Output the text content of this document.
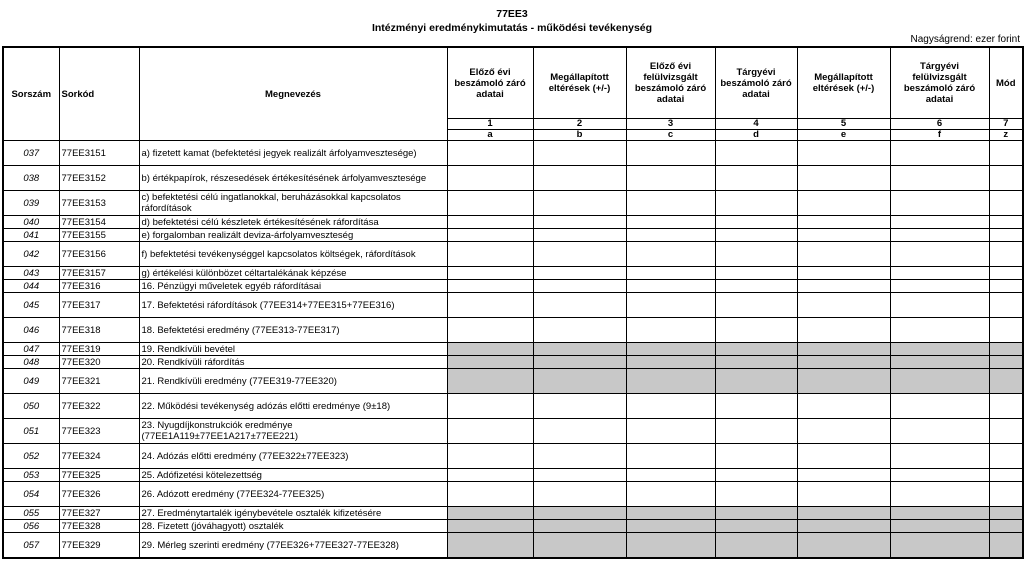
77EE3
Intézményi eredménykimutatás - működési tevékenység
Nagyságrend: ezer forint
Sorszám	Sorkód	Megnevezés	Előző évi beszámoló záró adatai	Megállapított eltérések (+/-)	Előző évi felülvizsgált beszámoló záró adatai	Tárgyévi beszámoló záró adatai	Megállapított eltérések (+/-)	Tárgyévi felülvizsgált beszámoló záró adatai	Mód
			1	2	3	4	5	6	7
			a	b	c	d	e	f	z
037	77EE3151	a) fizetett kamat (befektetési jegyek realizált árfolyamvesztesége)							
038	77EE3152	b) értékpapírok, részesedések értékesítésének árfolyamvesztesége							
039	77EE3153	c) befektetési célú ingatlanokkal, beruházásokkal kapcsolatos ráfordítások							
040	77EE3154	d) befektetési célú készletek értékesítésének ráfordítása							
041	77EE3155	e) forgalomban realizált deviza-árfolyamveszteség							
042	77EE3156	f) befektetési tevékenységgel kapcsolatos költségek, ráfordítások							
043	77EE3157	g) értékelési különbözet céltartalékának képzése							
044	77EE316	16. Pénzügyi műveletek egyéb ráfordításai							
045	77EE317	17. Befektetési ráfordítások (77EE314+77EE315+77EE316)							
046	77EE318	18. Befektetési eredmény (77EE313-77EE317)							
047	77EE319	19. Rendkívüli bevétel							
048	77EE320	20. Rendkívüli ráfordítás							
049	77EE321	21. Rendkívüli eredmény (77EE319-77EE320)							
050	77EE322	22. Működési tevékenység adózás előtti eredménye (9±18)							
051	77EE323	23. Nyugdíjkonstrukciók eredménye (77EE1A119±77EE1A217±77EE221)							
052	77EE324	24. Adózás előtti eredmény (77EE322±77EE323)							
053	77EE325	25. Adófizetési kötelezettség							
054	77EE326	26. Adózott eredmény (77EE324-77EE325)							
055	77EE327	27. Eredménytartalék igénybevétele osztalék kifizetésére							
056	77EE328	28. Fizetett (jóváhagyott) osztalék							
057	77EE329	29. Mérleg szerinti eredmény (77EE326+77EE327-77EE328)							
